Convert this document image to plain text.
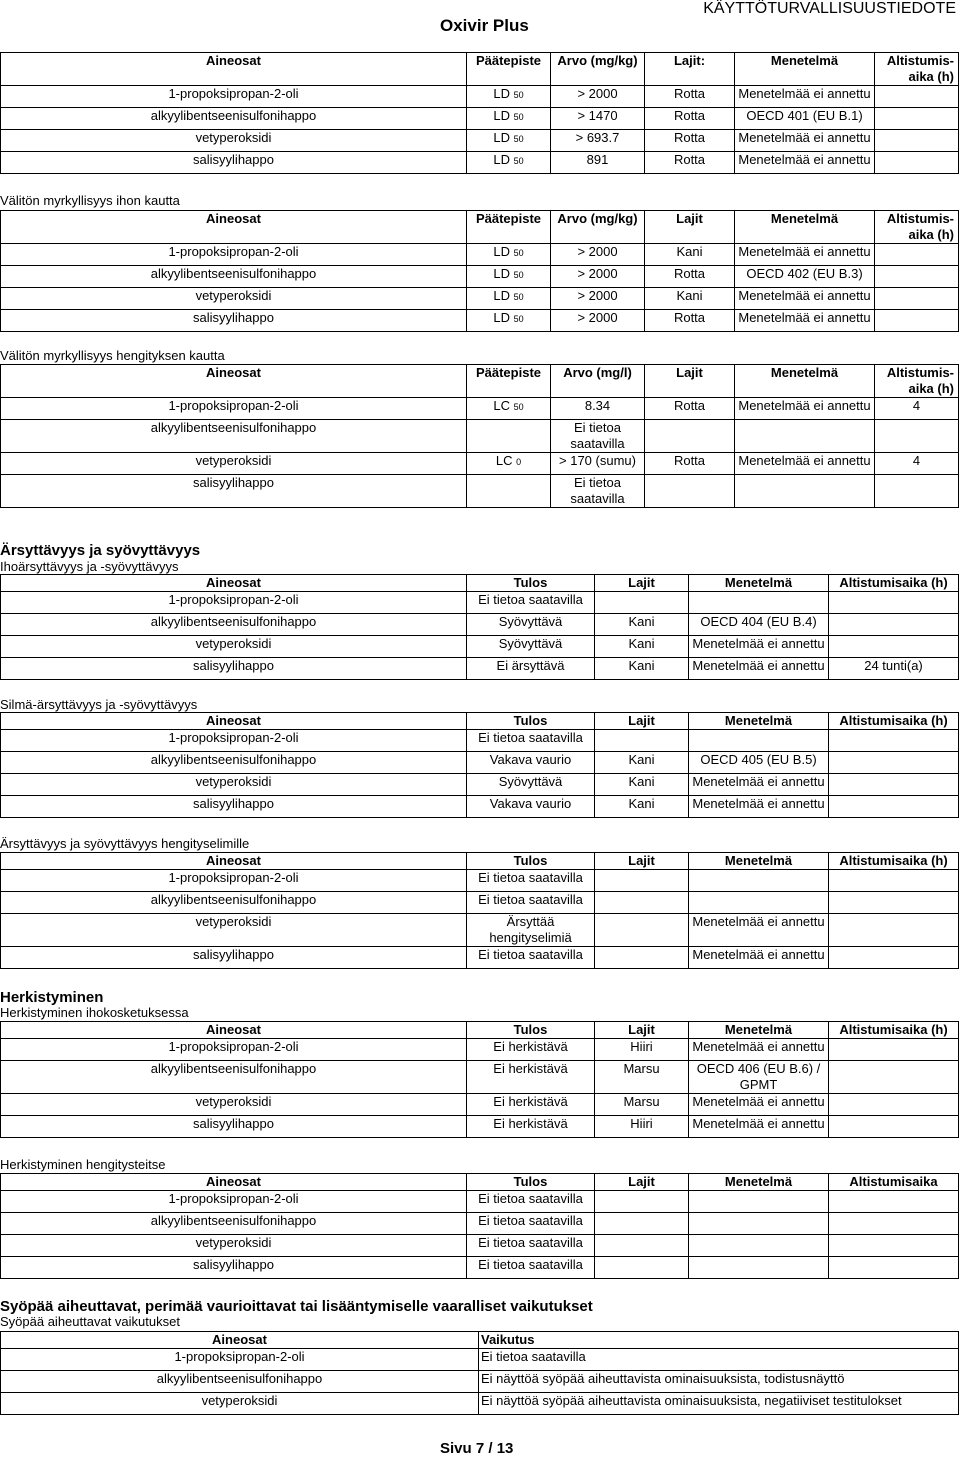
Oxivir Plus
KÄYTTÖTURVALLISUUSTIEDOTE
Aineosat	Päätepiste	Arvo (mg/kg)	Lajit:	Menetelmä	Altistumis-aika (h)
1-propoksipropan-2-oli	LD 50	> 2000	Rotta	Menetelmää ei annettu	
alkyylibentseenisulfonihappo	LD 50	> 1470	Rotta	OECD 401 (EU B.1)	
vetyperoksidi	LD 50	> 693.7	Rotta	Menetelmää ei annettu	
salisyylihappo	LD 50	891	Rotta	Menetelmää ei annettu	
Välitön myrkyllisyys ihon kautta
Aineosat	Päätepiste	Arvo (mg/kg)	Lajit	Menetelmä	Altistumis-aika (h)
1-propoksipropan-2-oli	LD 50	> 2000	Kani	Menetelmää ei annettu	
alkyylibentseenisulfonihappo	LD 50	> 2000	Rotta	OECD 402 (EU B.3)	
vetyperoksidi	LD 50	> 2000	Kani	Menetelmää ei annettu	
salisyylihappo	LD 50	> 2000	Rotta	Menetelmää ei annettu	
Välitön myrkyllisyys hengityksen kautta
Aineosat	Päätepiste	Arvo (mg/l)	Lajit	Menetelmä	Altistumis-aika (h)
1-propoksipropan-2-oli	LC 50	8.34	Rotta	Menetelmää ei annettu	4
alkyylibentseenisulfonihappo		Ei tietoa saatavilla			
vetyperoksidi	LC 0	> 170 (sumu)	Rotta	Menetelmää ei annettu	4
salisyylihappo		Ei tietoa saatavilla			
Ärsyttävyys ja syövyttävyys
Ihoärsyttävyys ja -syövyttävyys
Aineosat	Tulos	Lajit	Menetelmä	Altistumisaika (h)
1-propoksipropan-2-oli	Ei tietoa saatavilla			
alkyylibentseenisulfonihappo	Syövyttävä	Kani	OECD 404 (EU B.4)	
vetyperoksidi	Syövyttävä	Kani	Menetelmää ei annettu	
salisyylihappo	Ei ärsyttävä	Kani	Menetelmää ei annettu	24 tunti(a)
Silmä-ärsyttävyys ja -syövyttävyys
Aineosat	Tulos	Lajit	Menetelmä	Altistumisaika (h)
1-propoksipropan-2-oli	Ei tietoa saatavilla			
alkyylibentseenisulfonihappo	Vakava vaurio	Kani	OECD 405 (EU B.5)	
vetyperoksidi	Syövyttävä	Kani	Menetelmää ei annettu	
salisyylihappo	Vakava vaurio	Kani	Menetelmää ei annettu	
Ärsyttävyys ja syövyttävyys hengityselimille
Aineosat	Tulos	Lajit	Menetelmä	Altistumisaika (h)
1-propoksipropan-2-oli	Ei tietoa saatavilla			
alkyylibentseenisulfonihappo	Ei tietoa saatavilla			
vetyperoksidi	Ärsyttää hengityselimiä		Menetelmää ei annettu	
salisyylihappo	Ei tietoa saatavilla		Menetelmää ei annettu	
Herkistyminen
Herkistyminen ihokosketuksessa
Aineosat	Tulos	Lajit	Menetelmä	Altistumisaika (h)
1-propoksipropan-2-oli	Ei herkistävä	Hiiri	Menetelmää ei annettu	
alkyylibentseenisulfonihappo	Ei herkistävä	Marsu	OECD 406 (EU B.6) / GPMT	
vetyperoksidi	Ei herkistävä	Marsu	Menetelmää ei annettu	
salisyylihappo	Ei herkistävä	Hiiri	Menetelmää ei annettu	
Herkistyminen hengitysteitse
Aineosat	Tulos	Lajit	Menetelmä	Altistumisaika
1-propoksipropan-2-oli	Ei tietoa saatavilla			
alkyylibentseenisulfonihappo	Ei tietoa saatavilla			
vetyperoksidi	Ei tietoa saatavilla			
salisyylihappo	Ei tietoa saatavilla			
Syöpää aiheuttavat, perimää vaurioittavat tai lisääntymiselle vaaralliset vaikutukset
Syöpää aiheuttavat vaikutukset
Aineosat	Vaikutus
1-propoksipropan-2-oli	Ei tietoa saatavilla
alkyylibentseenisulfonihappo	Ei näyttöä syöpää aiheuttavista ominaisuuksista, todistusnäyttö
vetyperoksidi	Ei näyttöä syöpää aiheuttavista ominaisuuksista, negatiiviset testitulokset
Sivu 7 / 13
